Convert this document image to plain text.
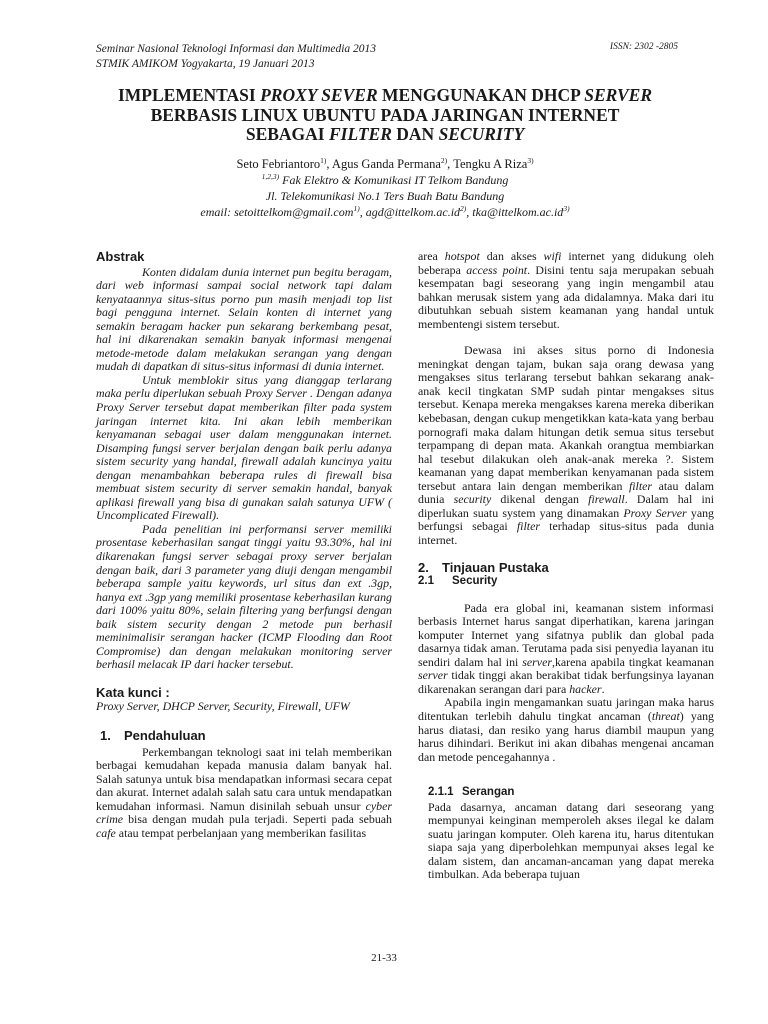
Seminar Nasional Teknologi Informasi dan Multimedia 2013
STMIK AMIKOM Yogyakarta, 19 Januari 2013
ISSN: 2302 -2805
IMPLEMENTASI PROXY SEVER MENGGUNAKAN DHCP SERVER
BERBASIS LINUX UBUNTU PADA JARINGAN INTERNET
SEBAGAI FILTER DAN SECURITY
Seto Febriantoro$^{1)}$, Agus Ganda Permana$^{2)}$, Tengku A Riza$^{3)}$
$^{1,2,3)}$ Fak Elektro & Komunikasi IT Telkom Bandung
Jl. Telekomunikasi No.1 Ters Buah Batu Bandung
email: setoittelkom@gmail.com$^{1)}$, $agd@ittelkom.ac.id^{2)}$, $tka@ittelkom.ac.id^{3)}$
Abstrak

Konten didalam dunia internet pun begitu beragam, dari web informasi sampai social network tapi dalam kenyataannya situs-situs porno pun masih menjadi top list bagi pengguna internet. Selain konten di internet yang semakin beragam hacker pun sekarang berkembang pesat, hal ini dikarenakan semakin banyak informasi mengenai metode-metode dalam melakukan serangan yang dengan mudah di dapatkan di situs-situs informasi di dunia internet.

Untuk memblokir situs yang dianggap terlarang maka perlu diperlukan sebuah Proxy Server . Dengan adanya Proxy Server tersebut dapat memberikan filter pada system jaringan internet kita. Ini akan lebih memberikan kenyamanan sebagai user dalam menggunakan internet. Disamping fungsi server berjalan dengan baik perlu adanya sistem security yang handal, firewall adalah kuncinya yaitu dengan menambahkan beberapa rules di firewall bisa membuat sistem security di server semakin handal, banyak aplikasi firewall yang bisa di gunakan salah satunya UFW ( Uncomplicated Firewall).

Pada penelitian ini performansi server memiliki prosentase keberhasilan sangat tinggi yaitu 93.30%, hal ini dikarenakan fungsi server sebagai proxy server berjalan dengan baik, dari 3 parameter yang diuji dengan mengambil beberapa sample yaitu keywords, url situs dan ext .3gp, hanya ext .3gp yang memiliki prosentase keberhasilan kurang dari 100% yaitu 80%, selain filtering yang berfungsi dengan baik sistem security dengan 2 metode pun berhasil meminimalisir serangan hacker (ICMP Flooding dan Root Compromise) dan dengan melakukan monitoring server berhasil melacak IP dari hacker tersebut.

Kata kunci :

Proxy Server, DHCP Server, Security, Firewall, UFW

1. Pendahuluan

Perkembangan teknologi saat ini telah memberikan berbagai kemudahan kepada manusia dalam banyak hal. Salah satunya untuk bisa mendapatkan informasi secara cepat dan akurat. Internet adalah salah satu cara untuk mendapatkan kemudahan informasi. Namun disinilah sebuah unsur cyber crime bisa dengan mudah pula terjadi. Seperti pada sebuah cafe atau tempat perbelanjaan yang memberikan fasilitas

area hotspot dan akses wifi internet yang didukung oleh beberapa access point. Disini tentu saja merupakan sebuah kesempatan bagi seseorang yang ingin mengambil atau bahkan merusak sistem yang ada didalamnya. Maka dari itu dibutuhkan sebuah sistem keamanan yang handal untuk membentengi sistem tersebut.

Dewasa ini akses situs porno di Indonesia meningkat dengan tajam, bukan saja orang dewasa yang mengakses situs terlarang tersebut bahkan sekarang anak-anak kecil tingkatan SMP sudah pintar mengakses situs tersebut. Kenapa mereka mengakses karena mereka diberikan kebebasan, dengan cukup mengetikkan kata-kata yang berbau pornografi maka dalam hitungan detik semua situs tersebut terpampang di depan mata. Akankah orangtua membiarkan hal tesebut dilakukan oleh anak-anak mereka ?. Sistem keamanan yang dapat memberikan kenyamanan pada sistem tersebut antara lain dengan memberikan filter atau dalam dunia security dikenal dengan firewall. Dalam hal ini diperlukan suatu system yang dinamakan Proxy Server yang berfungsi sebagai filter terhadap situs-situs pada dunia internet.

2. Tinjauan Pustaka
2.1 Security

Pada era global ini, keamanan sistem informasi berbasis Internet harus sangat diperhatikan, karena jaringan komputer Internet yang sifatnya publik dan global pada dasarnya tidak aman. Terutama pada sisi penyedia layanan itu sendiri dalam hal ini server,karena apabila tingkat keamanan server tidak tinggi akan berakibat tidak berfungsinya layanan dikarenakan serangan dari para hacker.

Apabila ingin mengamankan suatu jaringan maka harus ditentukan terlebih dahulu tingkat ancaman (threat) yang harus diatasi, dan resiko yang harus diambil maupun yang harus dihindari. Berikut ini akan dibahas mengenai ancaman dan metode pencegahannya .

2.1.1 Serangan

Pada dasarnya, ancaman datang dari seseorang yang mempunyai keinginan memperoleh akses ilegal ke dalam suatu jaringan komputer. Oleh karena itu, harus ditentukan siapa saja yang diperbolehkan mempunyai akses legal ke dalam sistem, dan ancaman-ancaman yang dapat mereka timbulkan. Ada beberapa tujuan

21-33
